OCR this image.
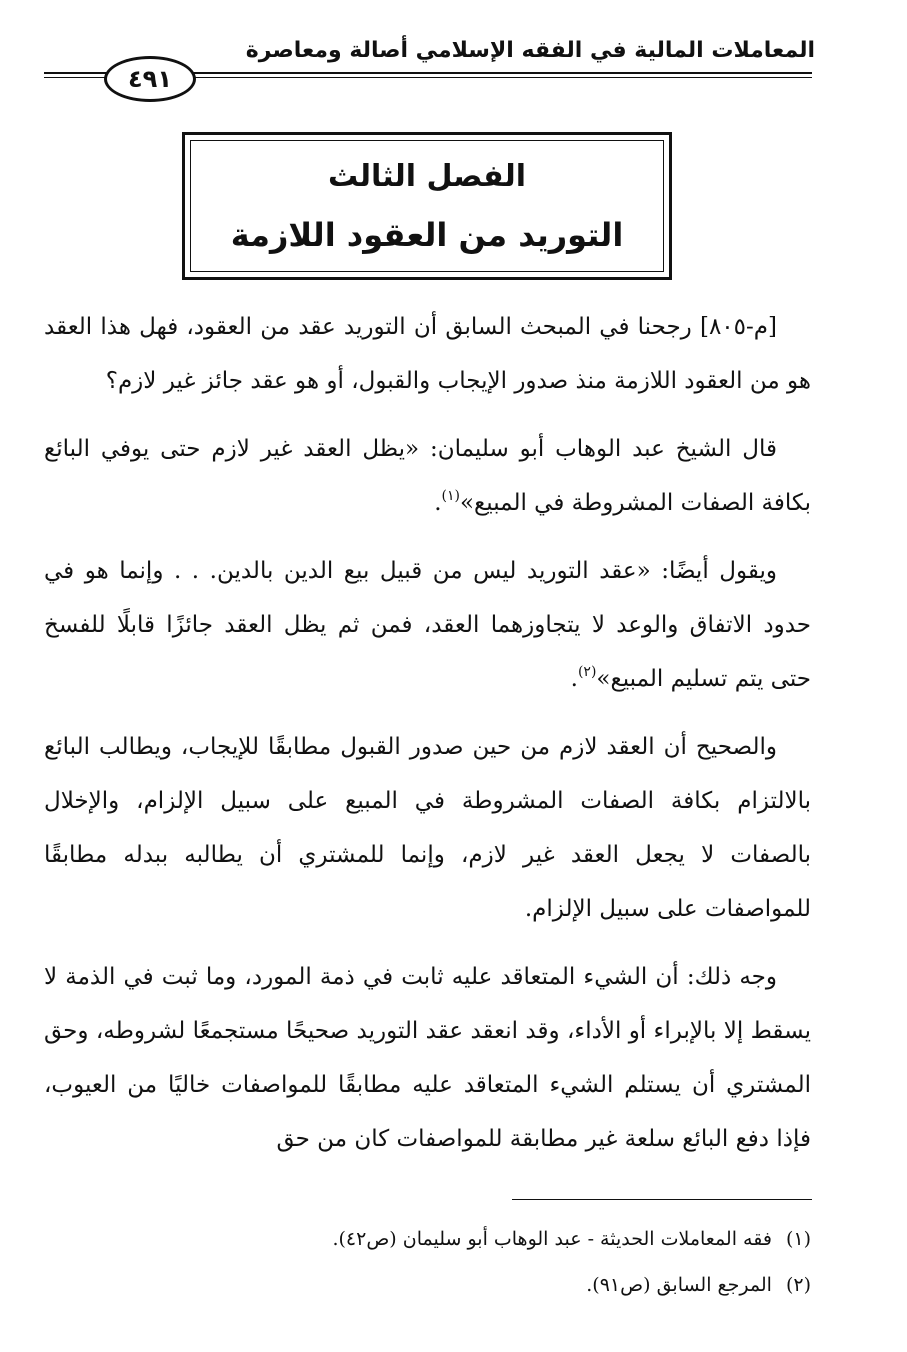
المعاملات المالية في الفقه الإسلامي أصالة ومعاصرة
٤٩١
الفصل الثالث
التوريد من العقود اللازمة

[م-٨٠٥] رجحنا في المبحث السابق أن التوريد عقد من العقود، فهل هذا العقد هو من العقود اللازمة منذ صدور الإيجاب والقبول، أو هو عقد جائز غير لازم؟

قال الشيخ عبد الوهاب أبو سليمان: «يظل العقد غير لازم حتى يوفي البائع بكافة الصفات المشروطة في المبيع»$^{(١)}$.

ويقول أيضًا: «عقد التوريد ليس من قبيل بيع الدين بالدين. . . وإنما هو في حدود الاتفاق والوعد لا يتجاوزهما العقد، فمن ثم يظل العقد جائزًا قابلًا للفسخ حتى يتم تسليم المبيع»$^{(٢)}$.

والصحيح أن العقد لازم من حين صدور القبول مطابقًا للإيجاب، ويطالب البائع بالالتزام بكافة الصفات المشروطة في المبيع على سبيل الإلزام، والإخلال بالصفات لا يجعل العقد غير لازم، وإنما للمشتري أن يطالبه ببدله مطابقًا للمواصفات على سبيل الإلزام.

وجه ذلك: أن الشيء المتعاقد عليه ثابت في ذمة المورد، وما ثبت في الذمة لا يسقط إلا بالإبراء أو الأداء، وقد انعقد عقد التوريد صحيحًا مستجمعًا لشروطه، وحق المشتري أن يستلم الشيء المتعاقد عليه مطابقًا للمواصفات خاليًا من العيوب، فإذا دفع البائع سلعة غير مطابقة للمواصفات كان من حق

(١)فقه المعاملات الحديثة - عبد الوهاب أبو سليمان (ص٤٢).
(٢)المرجع السابق (ص٩١).
